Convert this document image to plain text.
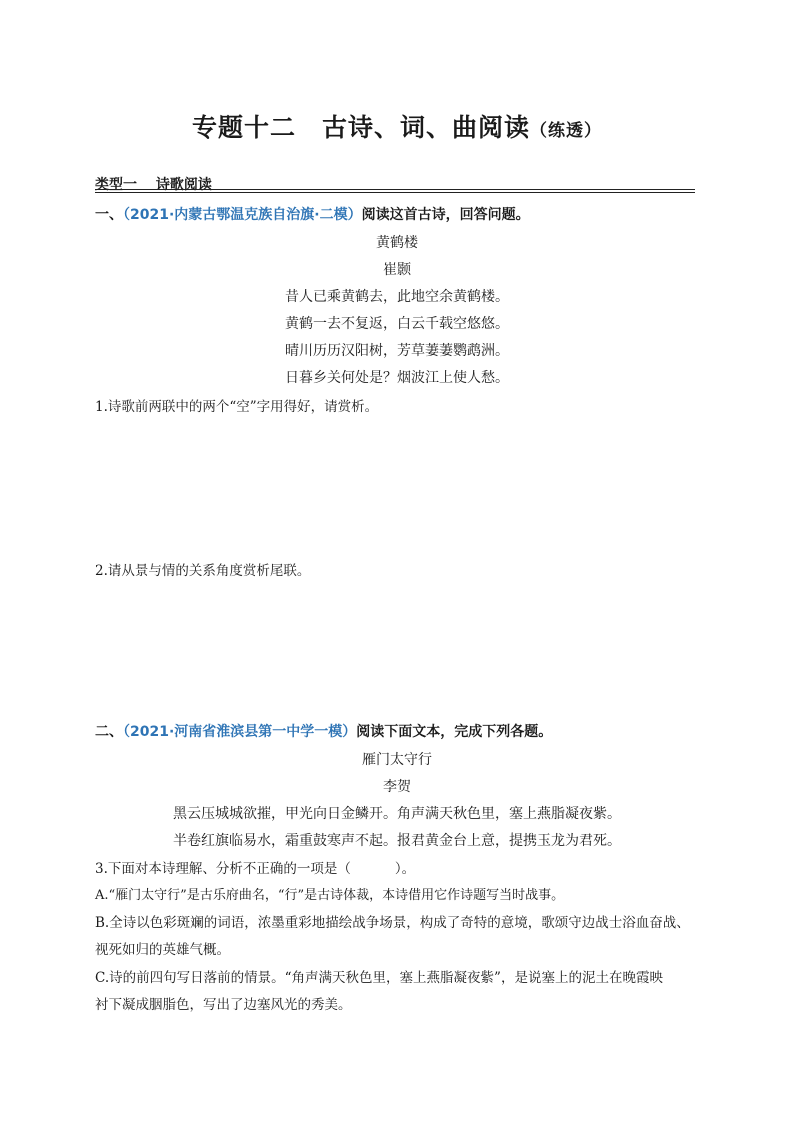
专题十二　古诗、词、曲阅读（练透）
类型一　 诗歌阅读
一、（2021·内蒙古鄂温克族自治旗·二模）阅读这首古诗，回答问题。
黄鹤楼
崔颢
昔人已乘黄鹤去，此地空余黄鹤楼。
黄鹤一去不复返，白云千载空悠悠。
晴川历历汉阳树，芳草萋萋鹦鹉洲。
日暮乡关何处是？烟波江上使人愁。
1.诗歌前两联中的两个“空”字用得好，请赏析。
2.请从景与情的关系角度赏析尾联。
二、（2021·河南省淮滨县第一中学一模）阅读下面文本，完成下列各题。
雁门太守行
李贺
黑云压城城欲摧，甲光向日金鳞开。角声满天秋色里，塞上燕脂凝夜紫。
半卷红旗临易水，霜重鼓寒声不起。报君黄金台上意，提携玉龙为君死。
3.下面对本诗理解、分析不正确的一项是（	）。
A.“雁门太守行”是古乐府曲名，“行”是古诗体裁，本诗借用它作诗题写当时战事。
B.全诗以色彩斑斓的词语，浓墨重彩地描绘战争场景，构成了奇特的意境，歌颂守边战士浴血奋战、
视死如归的英雄气概。
C.诗的前四句写日落前的情景。“角声满天秋色里，塞上燕脂凝夜紫”，是说塞上的泥土在晚霞映
衬下凝成胭脂色，写出了边塞风光的秀美。
